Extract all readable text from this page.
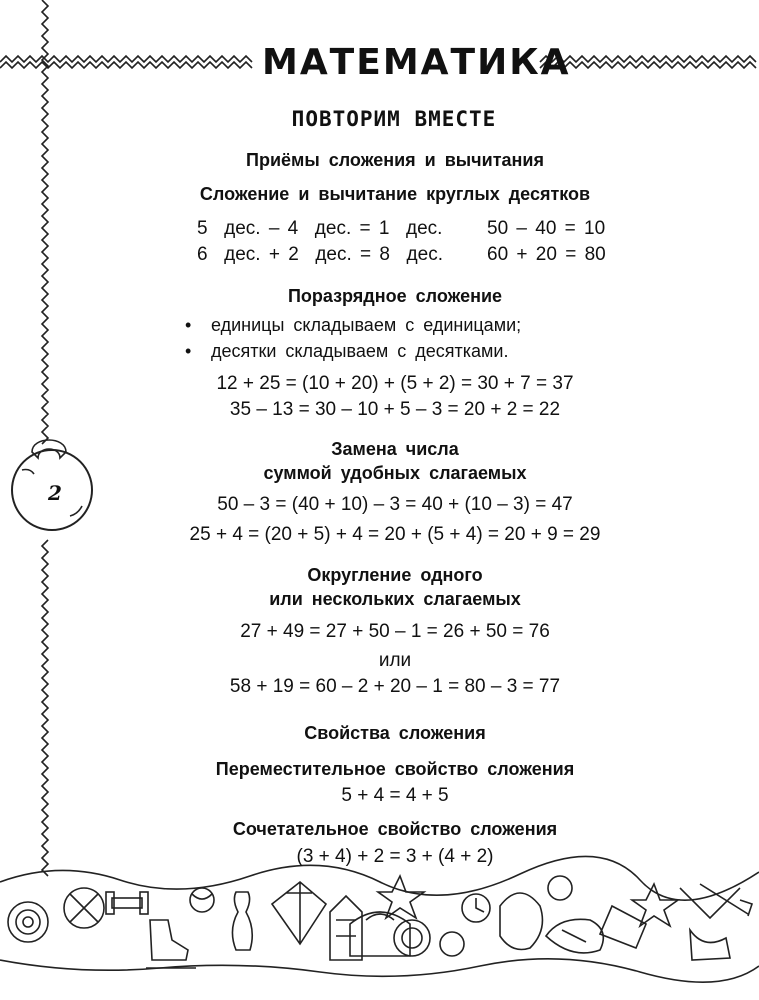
2
МАТЕМАТИКА
ПОВТОРИМ ВМЕСТЕ
Приёмы сложения и вычитания
Сложение и вычитание круглых десятков
5  дес. – 4  дес. = 1  дес. 50 – 40 = 10
6  дес. + 2  дес. = 8  дес. 60 + 20 = 80
Поразрядное сложение
• единицы складываем с единицами;
• десятки складываем с десятками.
12 + 25 = (10 + 20) + (5 + 2) = 30 + 7 = 37
35 – 13 = 30 – 10 + 5 – 3 = 20 + 2 = 22
Замена числа
суммой удобных слагаемых
50 – 3 = (40 + 10) – 3 = 40 + (10 – 3) = 47
25 + 4 = (20 + 5) + 4 = 20 + (5 + 4) = 20 + 9 = 29
Округление одного
или нескольких слагаемых
27 + 49 = 27 + 50 – 1 = 26 + 50 = 76
или
58 + 19 = 60 – 2 + 20 – 1 = 80 – 3 = 77
Свойства сложения
Переместительное свойство сложения
5 + 4 = 4 + 5
Сочетательное свойство сложения
(3 + 4) + 2 = 3 + (4 + 2)
